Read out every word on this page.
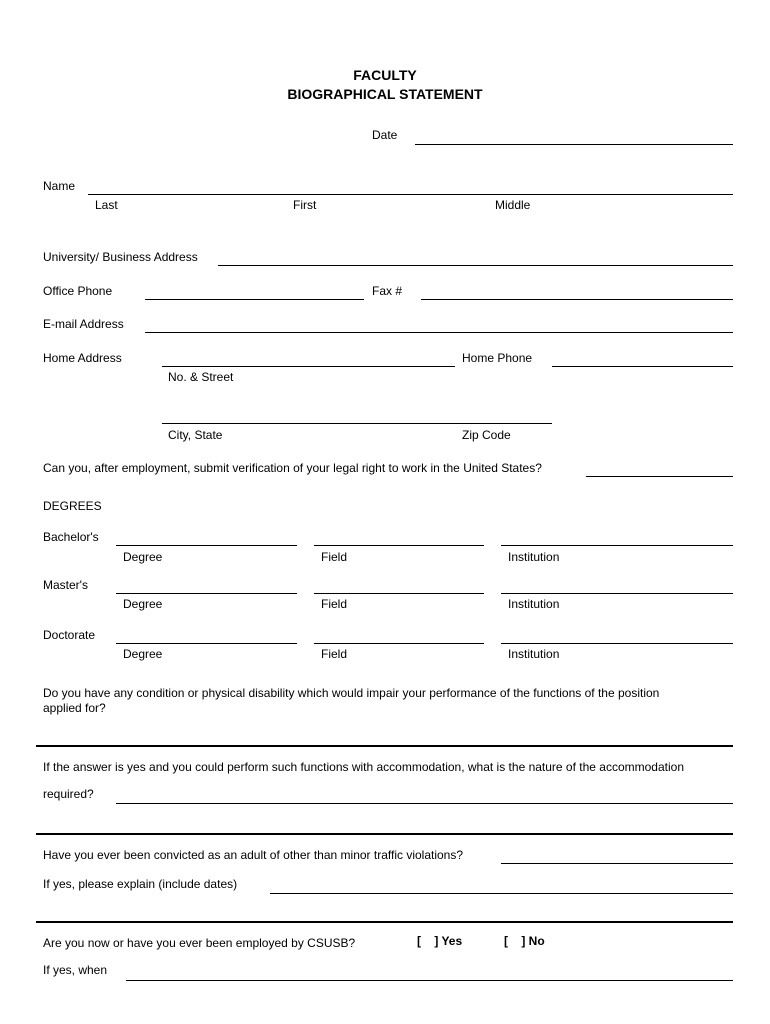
FACULTY
BIOGRAPHICAL STATEMENT
Date
Name
Last	First	Middle
University/ Business Address
Office Phone	Fax #
E-mail Address
Home Address	Home Phone
No. & Street
City, State	Zip Code
Can you, after employment, submit verification of your legal right to work in the United States?
DEGREES
Bachelor's
Degree	Field	Institution
Master's
Degree	Field	Institution
Doctorate
Degree	Field	Institution
Do you have any condition or physical disability which would impair your performance of the functions of the position
applied for?
If the answer is yes and you could perform such functions with accommodation, what is the nature of the accommodation
required?
Have you ever been convicted as an adult of other than minor traffic violations?
If yes, please explain (include dates)
Are you now or have you ever been employed by CSUSB?	[    ] Yes	[    ] No
If yes, when
